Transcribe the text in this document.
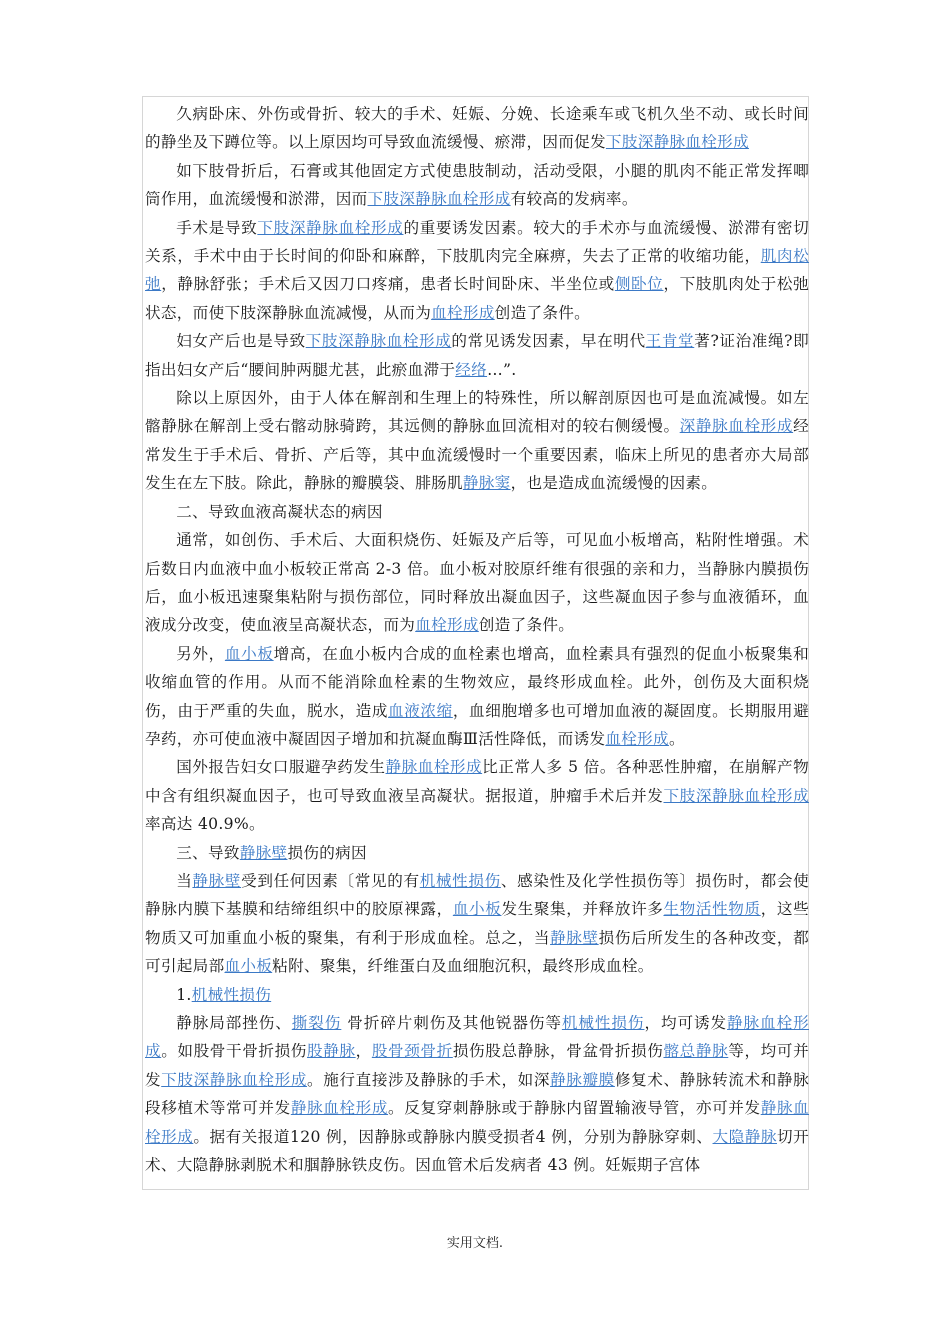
久病卧床、外伤或骨折、较大的手术、妊娠、分娩、长途乘车或飞机久坐不动、或长时间的静坐及下蹲位等。以上原因均可导致血流缓慢、瘀滞，因而促发下肢深静脉血栓形成

如下肢骨折后，石膏或其他固定方式使患肢制动，活动受限，小腿的肌肉不能正常发挥唧筒作用，血流缓慢和淤滞，因而下肢深静脉血栓形成有较高的发病率。

手术是导致下肢深静脉血栓形成的重要诱发因素。较大的手术亦与血流缓慢、淤滞有密切关系，手术中由于长时间的仰卧和麻醉，下肢肌肉完全麻痹，失去了正常的收缩功能，肌肉松弛，静脉舒张；手术后又因刀口疼痛，患者长时间卧床、半坐位或侧卧位，下肢肌肉处于松弛状态，而使下肢深静脉血流减慢，从而为血栓形成创造了条件。

妇女产后也是导致下肢深静脉血栓形成的常见诱发因素，早在明代王肯堂著?证治准绳?即指出妇女产后“腰间肿两腿尤甚，此瘀血滞于经络…”.

除以上原因外，由于人体在解剖和生理上的特殊性，所以解剖原因也可是血流减慢。如左髂静脉在解剖上受右髂动脉骑跨，其远侧的静脉血回流相对的较右侧缓慢。深静脉血栓形成经常发生于手术后、骨折、产后等，其中血流缓慢时一个重要因素，临床上所见的患者亦大局部发生在左下肢。除此，静脉的瓣膜袋、腓肠肌静脉窦，也是造成血流缓慢的因素。

二、导致血液高凝状态的病因

通常，如创伤、手术后、大面积烧伤、妊娠及产后等，可见血小板增高，粘附性增强。术后数日内血液中血小板较正常高 2-3 倍。血小板对胶原纤维有很强的亲和力，当静脉内膜损伤后，血小板迅速聚集粘附与损伤部位，同时释放出凝血因子，这些凝血因子参与血液循环，血液成分改变，使血液呈高凝状态，而为血栓形成创造了条件。

另外，血小板增高，在血小板内合成的血栓素也增高，血栓素具有强烈的促血小板聚集和收缩血管的作用。从而不能消除血栓素的生物效应，最终形成血栓。此外，创伤及大面积烧伤，由于严重的失血，脱水，造成血液浓缩，血细胞增多也可增加血液的凝固度。长期服用避孕药，亦可使血液中凝固因子增加和抗凝血酶Ⅲ活性降低，而诱发血栓形成。

国外报告妇女口服避孕药发生静脉血栓形成比正常人多 5 倍。各种恶性肿瘤，在崩解产物中含有组织凝血因子，也可导致血液呈高凝状。据报道，肿瘤手术后并发下肢深静脉血栓形成率高达 40.9%。

三、导致静脉壁损伤的病因

当静脉壁受到任何因素〔常见的有机械性损伤、感染性及化学性损伤等〕损伤时，都会使静脉内膜下基膜和结缔组织中的胶原裸露，血小板发生聚集，并释放许多生物活性物质，这些物质又可加重血小板的聚集，有利于形成血栓。总之，当静脉壁损伤后所发生的各种改变，都可引起局部血小板粘附、聚集，纤维蛋白及血细胞沉积，最终形成血栓。

1.机械性损伤

静脉局部挫伤、撕裂伤 骨折碎片刺伤及其他锐器伤等机械性损伤，均可诱发静脉血栓形成。如股骨干骨折损伤股静脉，股骨颈骨折损伤股总静脉，骨盆骨折损伤髂总静脉等，均可并发下肢深静脉血栓形成。施行直接涉及静脉的手术，如深静脉瓣膜修复术、静脉转流术和静脉段移植术等常可并发静脉血栓形成。反复穿刺静脉或于静脉内留置输液导管，亦可并发静脉血栓形成。据有关报道120 例，因静脉或静脉内膜受损者4 例，分别为静脉穿刺、大隐静脉切开术、大隐静脉剥脱术和腘静脉铁皮伤。因血管术后发病者 43 例。妊娠期子宫体

实用文档.
